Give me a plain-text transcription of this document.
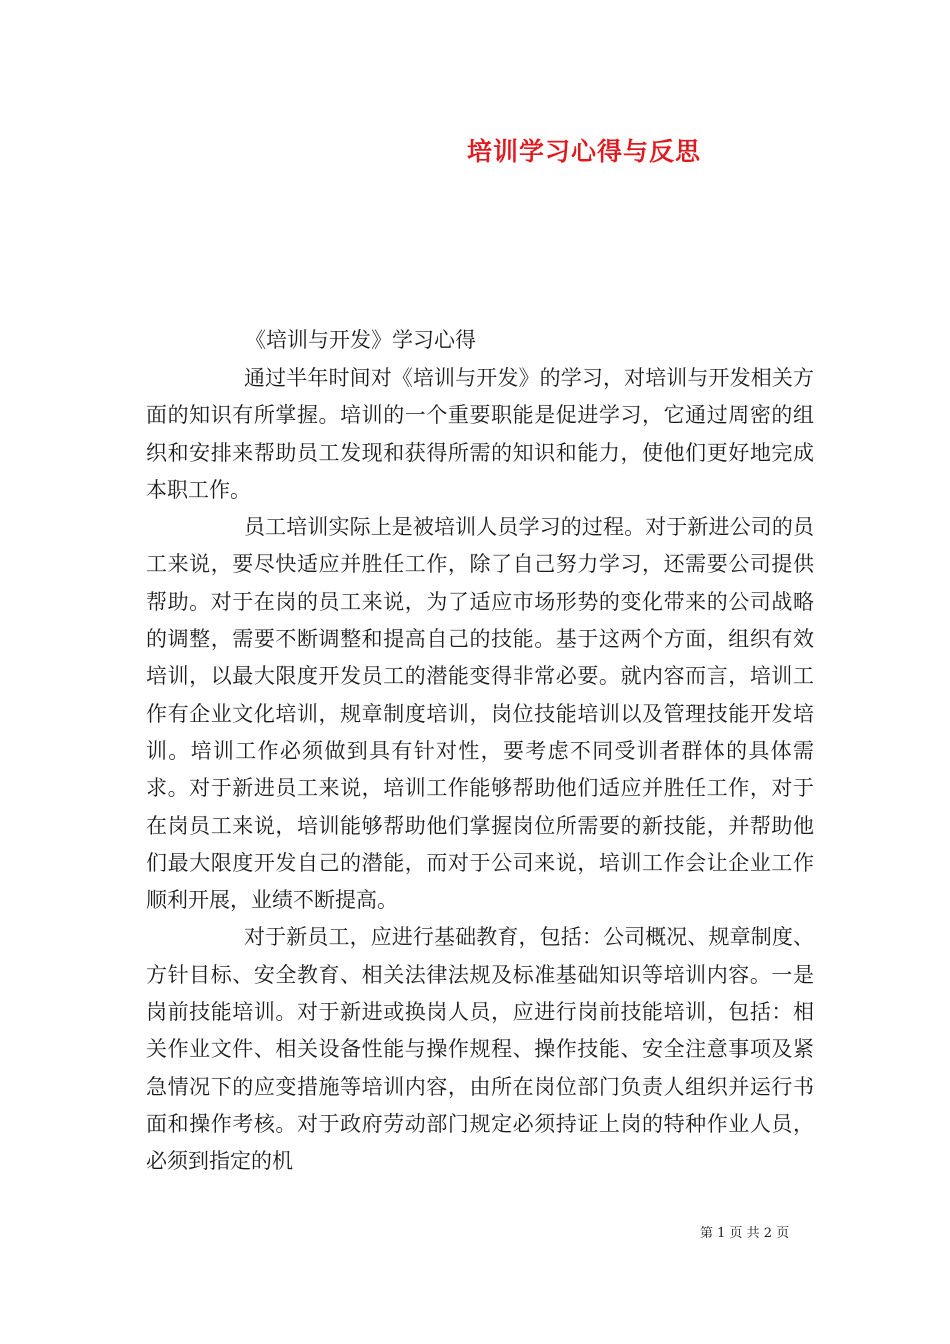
培训学习心得与反思

《培训与开发》学习心得

通过半年时间对《培训与开发》的学习，对培训与开发相关方面的知识有所掌握。培训的一个重要职能是促进学习，它通过周密的组织和安排来帮助员工发现和获得所需的知识和能力，使他们更好地完成本职工作。

员工培训实际上是被培训人员学习的过程。对于新进公司的员工来说，要尽快适应并胜任工作，除了自己努力学习，还需要公司提供帮助。对于在岗的员工来说，为了适应市场形势的变化带来的公司战略的调整，需要不断调整和提高自己的技能。基于这两个方面，组织有效培训，以最大限度开发员工的潜能变得非常必要。就内容而言，培训工作有企业文化培训，规章制度培训，岗位技能培训以及管理技能开发培训。培训工作必须做到具有针对性，要考虑不同受训者群体的具体需求。对于新进员工来说，培训工作能够帮助他们适应并胜任工作，对于在岗员工来说，培训能够帮助他们掌握岗位所需要的新技能，并帮助他们最大限度开发自己的潜能，而对于公司来说，培训工作会让企业工作顺利开展，业绩不断提高。

对于新员工，应进行基础教育，包括：公司概况、规章制度、方针目标、安全教育、相关法律法规及标准基础知识等培训内容。一是岗前技能培训。对于新进或换岗人员，应进行岗前技能培训，包括：相关作业文件、相关设备性能与操作规程、操作技能、安全注意事项及紧急情况下的应变措施等培训内容，由所在岗位部门负责人组织并运行书面和操作考核。对于政府劳动部门规定必须持证上岗的特种作业人员，必须到指定的机

第 1 页 共 2 页
